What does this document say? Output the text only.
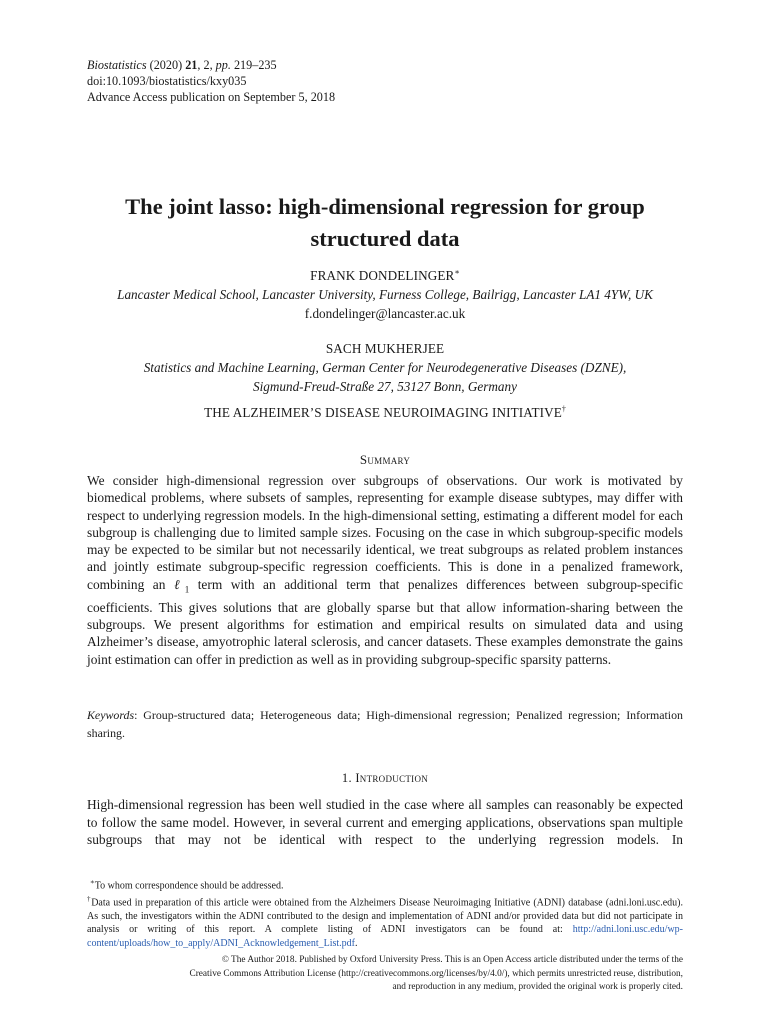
Biostatistics (2020) 21, 2, pp. 219–235
doi:10.1093/biostatistics/kxy035
Advance Access publication on September 5, 2018
The joint lasso: high-dimensional regression for group
structured data
FRANK DONDELINGER∗
Lancaster Medical School, Lancaster University, Furness College, Bailrigg, Lancaster LA1 4YW, UK
f.dondelinger@lancaster.ac.uk
SACH MUKHERJEE
Statistics and Machine Learning, German Center for Neurodegenerative Diseases (DZNE),
Sigmund-Freud-Straße 27, 53127 Bonn, Germany
THE ALZHEIMER’S DISEASE NEUROIMAGING INITIATIVE†
Summary
We consider high-dimensional regression over subgroups of observations. Our work is motivated by biomedical problems, where subsets of samples, representing for example disease subtypes, may differ with respect to underlying regression models. In the high-dimensional setting, estimating a different model for each subgroup is challenging due to limited sample sizes. Focusing on the case in which subgroup-specific models may be expected to be similar but not necessarily identical, we treat subgroups as related problem instances and jointly estimate subgroup-specific regression coefficients. This is done in a penalized framework, combining an ℓ$_1$ term with an additional term that penalizes differences between subgroup-specific coefficients. This gives solutions that are globally sparse but that allow information-sharing between the subgroups. We present algorithms for estimation and empirical results on simulated data and using Alzheimer’s disease, amyotrophic lateral sclerosis, and cancer datasets. These examples demonstrate the gains joint estimation can offer in prediction as well as in providing subgroup-specific sparsity patterns.
Keywords: Group-structured data; Heterogeneous data; High-dimensional regression; Penalized regression; Information sharing.
1. Introduction
High-dimensional regression has been well studied in the case where all samples can reasonably be expected to follow the same model. However, in several current and emerging applications, observations span multiple subgroups that may not be identical with respect to the underlying regression models. In
∗To whom correspondence should be addressed.
†Data used in preparation of this article were obtained from the Alzheimers Disease Neuroimaging Initiative (ADNI) database (adni.loni.usc.edu). As such, the investigators within the ADNI contributed to the design and implementation of ADNI and/or provided data but did not participate in analysis or writing of this report. A complete listing of ADNI investigators can be found at: http://adni.loni.usc.edu/wp-content/uploads/how_to_apply/ADNI_Acknowledgement_List.pdf.
© The Author 2018. Published by Oxford University Press. This is an Open Access article distributed under the terms of the
Creative Commons Attribution License (http://creativecommons.org/licenses/by/4.0/), which permits unrestricted reuse, distribution,
and reproduction in any medium, provided the original work is properly cited.
